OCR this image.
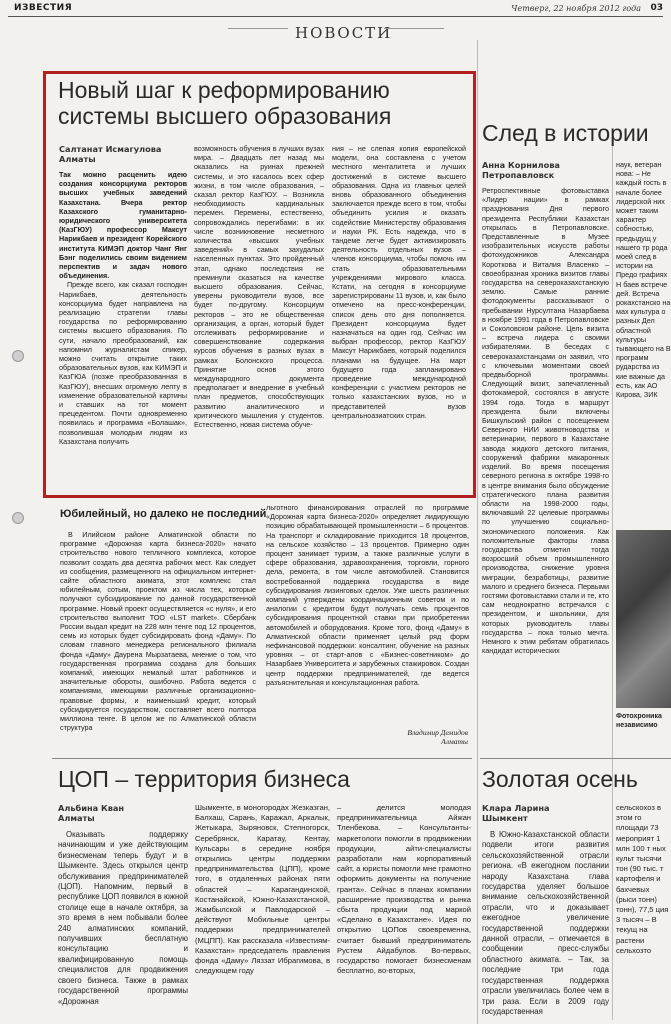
ИЗВЕСТИЯ	Четверг, 22 ноября 2012 года 03
НОВОСТИ
Новый шаг к реформированию системы высшего образования
Салтанат Исмагулова
Алматы
Так можно расценить идею создания консорциума ректоров высших учебных заведений Казахстана. Вчера ректор Казахского гуманитарно-юридического университета (КазГЮУ) профессор Максут Нарикбаев и президент Корейского института КИМЭП доктор Чанг Янг Бэнг поделились своим видением перспектив и задач нового объединения.

Прежде всего, как сказал господин Нарикбаев, деятельность консорциума будет направлена на реализацию стратегии главы государства по реформированию системы высшего образования. По сути, начало преобразований, как напомнил журналистам спикер, можно считать открытие таких образовательных вузов, как КИМЭП и КазГЮА (позже преобразованная в КазГЮУ), внесших огромную лепту в изменение образовательной картины и ставших на тот момент прецедентом. Почти одновременно появилась и программа «Болашак», позволившая молодым людям из Казахстана получить

возможность обучения в лучших вузах мира. – Двадцать лет назад мы оказались на руинах прежней системы, и это касалось всех сфер жизни, в том числе образования, – сказал ректор КазГЮУ. – Возникла необходимость кардинальных перемен. Перемены, естественно, сопровождались перегибами: в их числе возникновение несметного количества «высших учебных заведений» в самых захудалых населенных пунктах. Это пройденный этап, однако последствия не преминули сказаться на качестве высшего образования. Сейчас, уверены руководители вузов, все будет по-другому. Консорциум ректоров – это не общественная организация, а орган, который будет отслеживать реформирование и совершенствование содержания курсов обучения в разных вузах в рамках Болонского процесса. Принятие основ этого международного документа предполагает и внедрение в учебный план предметов, способствующих развитию аналитического и критического мышления у студентов. Естественно, новая система обуче-

ния – не слепая копия европейской модели, она составлена с учетом местного менталитета и лучших достижений в системе высшего образования. Одна из главных целей вновь образованного объединения заключается прежде всего в том, чтобы объединить усилия и оказать содействие Министерству образования и науки РК. Есть надежда, что в тандеме легче будет активизировать деятельность отдельных вузов – членов консорциума, чтобы помочь им стать образовательными учреждениями мирового класса. Кстати, на сегодня в консорциуме зарегистрированы 11 вузов, и, как было отмечено на пресс-конференции, список день ото дня пополняется. Президент консорциума будет назначаться на один год. Сейчас им выбран профессор, ректор КазГЮУ Максут Нарикбаев, который поделился планами на будущее. На март будущего года запланировано проведение международной конференции с участием ректоров не только казахстанских вузов, но и представителей вузов центральноазиатских стран.

След в истории
Анна Корнилова
Петропавловск

Ретроспективные фотовыставка «Лидер нации» в рамках празднования Дня первого президента Республики Казахстан открылась в Петропавловске. Представленные в Музее изобразительных искусств работы фотохудожников Александра Короткова и Виталия Власенко – своеобразная хроника визитов главы государства на североказахстанскую землю. Самые ранние фотодокументы рассказывают о пребывании Нурсултана Назарбаева в ноябре 1991 года в Петропавловске и Соколовском районе. Цель визита – встреча лидера с своими избирателями. В беседах с североказахстанцами он заявил, что с ключевыми моментами своей предвыборной программы. Следующий визит, запечатленный фотокамерой, состоялся в августе 1994 года. Тогда в маршрут президента были включены Бишкульский район с посещением Северного НИИ животноводства и ветеринарии, первого в Казахстане завода жидкого детского питания, сооружений фабрики макаронных изделий. Во время посещения северного региона в октябре 1998-го в центре внимания было обсуждение стратегического плана развития области на 1998-2000 годы, включавший 22 целевые программы по улучшению социально-экономического положения. Как положительные факторы глава государства отметил тогда возросший объем промышленного производства, снижение уровня миграции, безработицы, развитие малого и среднего бизнеса. Первыми гостями фотовыставки стали и те, кто сам неоднократно встречался с президентом, и школьники, для которых руководитель главы государства – пока только мечта. Немного к этим ребятам обратилась кандидат исторических

наук, ветеран нова: – Не каждый гость в начале более лидерской них может таким характер собностью, предыдущ у нашего тр рода моей след в истории на Предо графиях Н баев встрече дей. Встреча рокахстанско на мах культура о разных Дел областной культуры тывающего на В программ рударства из кие важные да есть, как АО Кирова, ЗИК

Фотохроника независимо
Юбилейный, но далеко не последний

В Илийском районе Алматинской области по программе «Дорожная карта бизнеса-2020» начато строительство нового тепличного комплекса, которое позволит создать два десятка рабочих мест. Как следует из сообщения, размещенного на официальном интернет-сайте областного акимата, этот комплекс стал юбилейным, сотым, проектом из числа тех, которые получают субсидирование по данной государственной программе. Новый проект осуществляется «с нуля», и его строительство выполнит ТОО «LST market». Сбербанк России выдал кредит на 228 млн тенге под 12 процентов, семь из которых будет субсидировать фонд «Даму». По словам главного менеджера регионального филиала фонда «Даму» Даурена Мырзатаева, мнение о том, что государственная программа создана для больших компаний, имеющих немалый штат работников и значительные обороты, ошибочно. Работа ведется с компаниями, имеющими различные организационно-правовые формы, и наименьший кредит, который субсидируется государством, составляет всего полтора миллиона тенге. В целом же по Алматинской области структура

льготного финансирования отраслей по программе «Дорожная карта бизнеса-2020» определяет лидирующую позицию обрабатывающей промышленности – 6 процентов. На транспорт и складирование приходится 18 процентов, на сельское хозяйство – 13 процентов. Примерно один процент занимает туризм, а также различные услуги в сфере образования, здравоохранения, торговли, горного дела, ремонта, в том числе автомобилей. Становится востребованной поддержка государства в виде субсидирования лизинговых сделок. Уже шесть различных компаний утверждены координационным советом и по аналогии с кредитом будут получать семь процентов субсидирования процентной ставки при приобретении автомобилей и оборудования. Кроме того, фонд «Даму» в Алматинской области применяет целый ряд форм нефинансовой поддержки: консалтинг, обучение на разных уровнях – от старт-апов с «Бизнес-советником» до Назарбаев Университета и зарубежных стажировок. Создан центр поддержки предпринимателей, где ведется разъяснительная и консультационная работа.

Владимир Демидов
Алматы
ЦОП – территория бизнеса
Альбина Кван
Алматы

Оказывать поддержку начинающим и уже действующим бизнесменам теперь будут и в Шымкенте. Здесь открылся центр обслуживания предпринимателей (ЦОП). Напомним, первый в республике ЦОП появился в южной столице еще в начале октября, за это время в нем побывали более 240 алматинских компаний, получивших бесплатную консультацию и квалифицированную помощь специалистов для продвижения своего бизнеса. Также в рамках государственной программы «Дорожная

Шымкенте, в моногородах Жезказган, Балхаш, Сарань, Каражал, Аркалык, Жетыкара, Зыряновск, Степногорск, Серебрянск, Каратау, Кентау, Кульсары в середине ноября открылись центры поддержки предпринимательства (ЦПП), кроме того, в отдаленных районах пяти областей – Карагандинской, Костанайской, Южно-Казахстанской, Жамбылской и Павлодарской – действуют Мобильные центры поддержки предпринимателей (МЦПП). Как рассказала «Известиям-Казахстан» председатель правления фонда «Даму» Ляззат Ибрагимова, в следующем году

– делится молодая предпринимательница Айжан Тленбекова. – Консультанты-маркетологи помогли в продвижении продукции, айти-специалисты разработали нам корпоративный сайт, а юристы помогли мне грамотно оформить документы на получение гранта». Сейчас в планах компании расширение производства и рынка сбыта продукции под маркой «Сделано в Казахстане». Идея по открытию ЦОПов своевременна, считает бывший предприниматель Рустем Айдабулов. Во-первых, государство помогает бизнесменам бесплатно, во-вторых,

Золотая осень
Клара Ларина
Шымкент

В Южно-Казахстанской области подвели итоги развития сельскохозяйственной отрасли региона. «В ежегодном послании народу Казахстана глава государства уделяет большое внимание сельскохозяйственной отрасли, что и доказывает ежегодное увеличение государственной поддержки данной отрасли, – отмечается в сообщении пресс-службы областного акимата. – Так, за последние три года государственная поддержка отрасли увеличилась более чем в три раза. Если в 2009 году государственная

сельскохоз в этом го площади 73 мероприят 1 млн 100 т ных культ тысячи тон (90 тыс. т картофеля и бахчевых (рыси тонн) тонн), 77,5 ция 3 тысяч – В текущ на растени сельхозто
